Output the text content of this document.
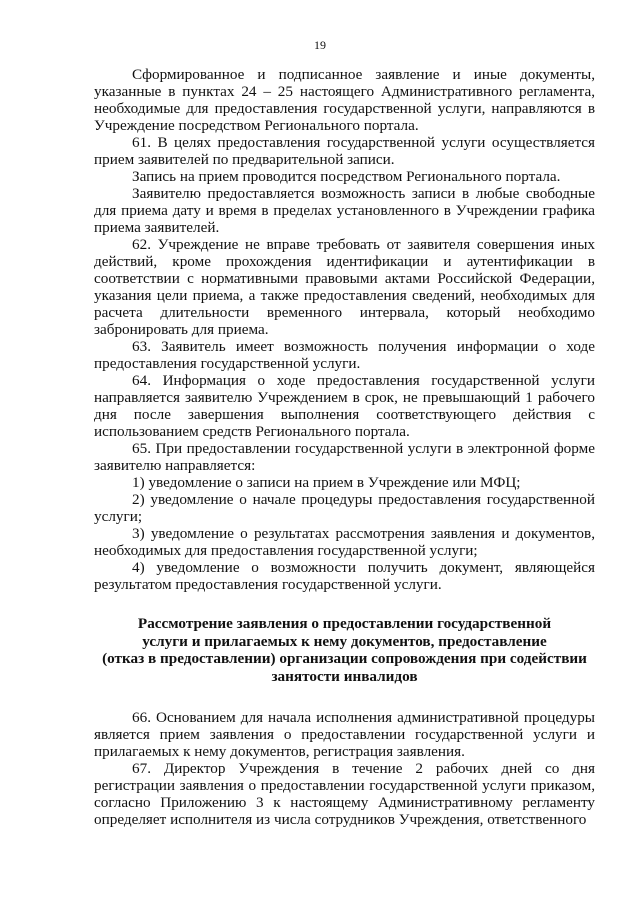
19

Сформированное и подписанное заявление и иные документы, указанные в пунктах 24 – 25 настоящего Административного регламента, необходимые для предоставления государственной услуги, направляются в Учреждение посредством Регионального портала.

61. В целях предоставления государственной услуги осуществляется прием заявителей по предварительной записи.

Запись на прием проводится посредством Регионального портала.

Заявителю предоставляется возможность записи в любые свободные для приема дату и время в пределах установленного в Учреждении графика приема заявителей.

62. Учреждение не вправе требовать от заявителя совершения иных действий, кроме прохождения идентификации и аутентификации в соответствии с нормативными правовыми актами Российской Федерации, указания цели приема, а также предоставления сведений, необходимых для расчета длительности временного интервала, который необходимо забронировать для приема.

63. Заявитель имеет возможность получения информации о ходе предоставления государственной услуги.

64. Информация о ходе предоставления государственной услуги направляется заявителю Учреждением в срок, не превышающий 1 рабочего дня после завершения выполнения соответствующего действия с использованием средств Регионального портала.

65. При предоставлении государственной услуги в электронной форме заявителю направляется:

1) уведомление о записи на прием в Учреждение или МФЦ;

2) уведомление о начале процедуры предоставления государственной услуги;

3) уведомление о результатах рассмотрения заявления и документов, необходимых для предоставления государственной услуги;

4) уведомление о возможности получить документ, являющейся результатом предоставления государственной услуги.

Рассмотрение заявления о предоставлении государственной
услуги и прилагаемых к нему документов, предоставление
(отказ в предоставлении) организации сопровождения при содействии
занятости инвалидов

66. Основанием для начала исполнения административной процедуры является прием заявления о предоставлении государственной услуги и прилагаемых к нему документов, регистрация заявления.

67. Директор Учреждения в течение 2 рабочих дней со дня регистрации заявления о предоставлении государственной услуги приказом, согласно Приложению 3 к настоящему Административному регламенту определяет исполнителя из числа сотрудников Учреждения, ответственного
